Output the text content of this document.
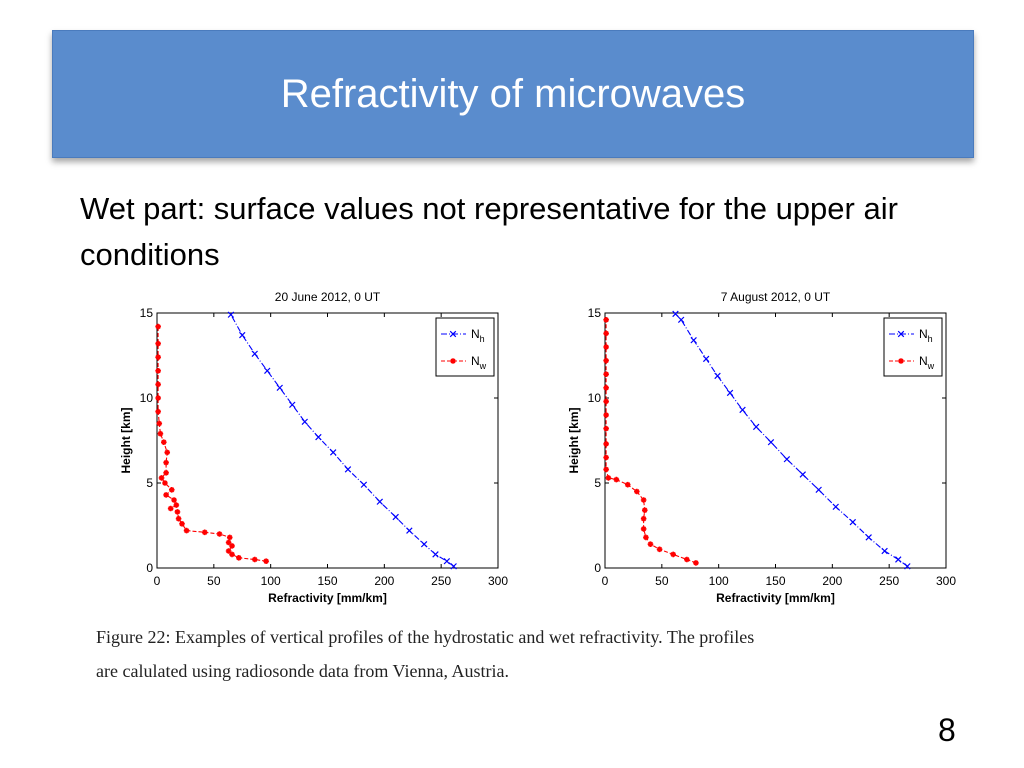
Refractivity of microwaves
Wet part: surface values not representative for the upper air conditions
20 June 2012, 0 UT
0	50	100	150	200	250	300
0
5
10
15
Refractivity [mm/km]
Height [km]
$N_h$
$N_w$
7 August 2012, 0 UT
0	50	100	150	200	250	300
0
5
10
15
Refractivity [mm/km]
Height [km]
$N_h$
$N_w$
Figure 22: Examples of vertical profiles of the hydrostatic and wet refractivity. The profiles
are calulated using radiosonde data from Vienna, Austria.
8
